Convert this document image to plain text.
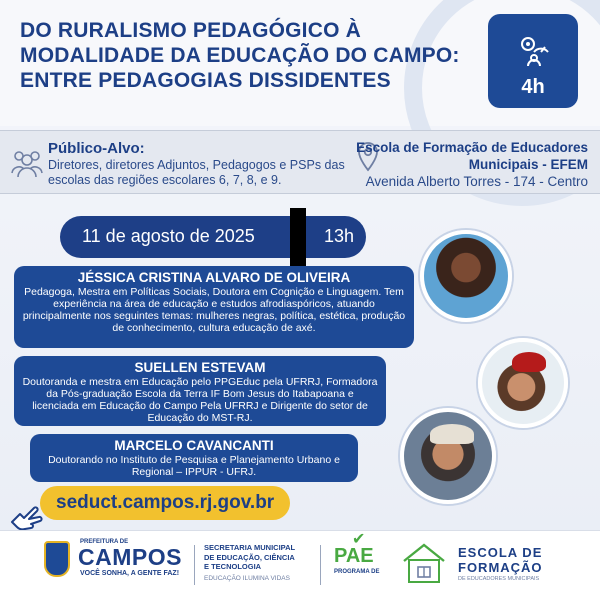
DO RURALISMO PEDAGÓGICO À MODALIDADE DA EDUCAÇÃO DO CAMPO: ENTRE PEDAGOGIAS DISSIDENTES	4h
Público-Alvo:
Diretores, diretores Adjuntos, Pedagogos e PSPs das escolas das regiões escolares 6, 7, 8, e 9.
Escola de Formação de Educadores Municipais - EFEM
Avenida Alberto Torres - 174 - Centro
11 de agosto de 2025	13h
JÉSSICA CRISTINA ALVARO DE OLIVEIRA
Pedagoga, Mestra em Políticas Sociais, Doutora em Cognição e Linguagem. Tem experiência na área de educação e estudos afrodiaspóricos, atuando principalmente nos seguintes temas: mulheres negras, política, estética, produção de conhecimento, cultura educação de axé.
SUELLEN ESTEVAM
Doutoranda e mestra em Educação pelo PPGEduc pela UFRRJ, Formadora da Pós-graduação Escola da Terra IF Bom Jesus do Itabapoana e licenciada em Educação do Campo Pela UFRRJ e Dirigente do setor de Educação do MST-RJ.
MARCELO CAVANCANTI
Doutorando no Instituto de Pesquisa e Planejamento Urbano e Regional – IPPUR - UFRJ.
seduct.campos.rj.gov.br
PREFEITURA DE
CAMPOS
VOCÊ SONHA, A GENTE FAZ!
SECRETARIA MUNICIPAL
DE EDUCAÇÃO, CIÊNCIA
E TECNOLOGIA
EDUCAÇÃO ILUMINA VIDAS
✔
PAE
PROGRAMA DE
ESCOLA DE
FORMAÇÃO
DE EDUCADORES MUNICIPAIS
